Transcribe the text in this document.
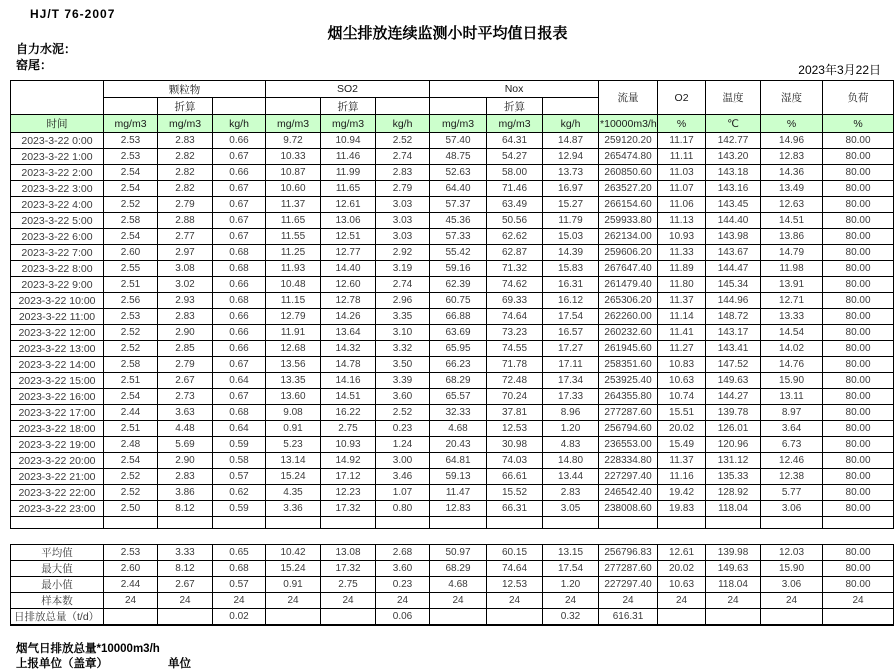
HJ/T 76-2007
烟尘排放连续监测小时平均值日报表
自力水泥：
窑尾：	2023年3月22日
	颗粒物			SO2			Nox			流量	O2	温度	湿度	负荷
		折算			折算			折算						
时间	mg/m3	mg/m3	kg/h	mg/m3	mg/m3	kg/h	mg/m3	mg/m3	kg/h	*10000m3/h	%	℃	%	%
2023-3-22 0:00	2.53	2.83	0.66	9.72	10.94	2.52	57.40	64.31	14.87	259120.20	11.17	142.77	14.96	80.00
2023-3-22 1:00	2.53	2.82	0.67	10.33	11.46	2.74	48.75	54.27	12.94	265474.80	11.11	143.20	12.83	80.00
2023-3-22 2:00	2.54	2.82	0.66	10.87	11.99	2.83	52.63	58.00	13.73	260850.60	11.03	143.18	14.36	80.00
2023-3-22 3:00	2.54	2.82	0.67	10.60	11.65	2.79	64.40	71.46	16.97	263527.20	11.07	143.16	13.49	80.00
2023-3-22 4:00	2.52	2.79	0.67	11.37	12.61	3.03	57.37	63.49	15.27	266154.60	11.06	143.45	12.63	80.00
2023-3-22 5:00	2.58	2.88	0.67	11.65	13.06	3.03	45.36	50.56	11.79	259933.80	11.13	144.40	14.51	80.00
2023-3-22 6:00	2.54	2.77	0.67	11.55	12.51	3.03	57.33	62.62	15.03	262134.00	10.93	143.98	13.86	80.00
2023-3-22 7:00	2.60	2.97	0.68	11.25	12.77	2.92	55.42	62.87	14.39	259606.20	11.33	143.67	14.79	80.00
2023-3-22 8:00	2.55	3.08	0.68	11.93	14.40	3.19	59.16	71.32	15.83	267647.40	11.89	144.47	11.98	80.00
2023-3-22 9:00	2.51	3.02	0.66	10.48	12.60	2.74	62.39	74.62	16.31	261479.40	11.80	145.34	13.91	80.00
2023-3-22 10:00	2.56	2.93	0.68	11.15	12.78	2.96	60.75	69.33	16.12	265306.20	11.37	144.96	12.71	80.00
2023-3-22 11:00	2.53	2.83	0.66	12.79	14.26	3.35	66.88	74.64	17.54	262260.00	11.14	148.72	13.33	80.00
2023-3-22 12:00	2.52	2.90	0.66	11.91	13.64	3.10	63.69	73.23	16.57	260232.60	11.41	143.17	14.54	80.00
2023-3-22 13:00	2.52	2.85	0.66	12.68	14.32	3.32	65.95	74.55	17.27	261945.60	11.27	143.41	14.02	80.00
2023-3-22 14:00	2.58	2.79	0.67	13.56	14.78	3.50	66.23	71.78	17.11	258351.60	10.83	147.52	14.76	80.00
2023-3-22 15:00	2.51	2.67	0.64	13.35	14.16	3.39	68.29	72.48	17.34	253925.40	10.63	149.63	15.90	80.00
2023-3-22 16:00	2.54	2.73	0.67	13.60	14.51	3.60	65.57	70.24	17.33	264355.80	10.74	144.27	13.11	80.00
2023-3-22 17:00	2.44	3.63	0.68	9.08	16.22	2.52	32.33	37.81	8.96	277287.60	15.51	139.78	8.97	80.00
2023-3-22 18:00	2.51	4.48	0.64	0.91	2.75	0.23	4.68	12.53	1.20	256794.60	20.02	126.01	3.64	80.00
2023-3-22 19:00	2.48	5.69	0.59	5.23	10.93	1.24	20.43	30.98	4.83	236553.00	15.49	120.96	6.73	80.00
2023-3-22 20:00	2.54	2.90	0.58	13.14	14.92	3.00	64.81	74.03	14.80	228334.80	11.37	131.12	12.46	80.00
2023-3-22 21:00	2.52	2.83	0.57	15.24	17.12	3.46	59.13	66.61	13.44	227297.40	11.16	135.33	12.38	80.00
2023-3-22 22:00	2.52	3.86	0.62	4.35	12.23	1.07	11.47	15.52	2.83	246542.40	19.42	128.92	5.77	80.00
2023-3-22 23:00	2.50	8.12	0.59	3.36	17.32	0.80	12.83	66.31	3.05	238008.60	19.83	118.04	3.06	80.00

平均值	2.53	3.33	0.65	10.42	13.08	2.68	50.97	60.15	13.15	256796.83	12.61	139.98	12.03	80.00
最大值	2.60	8.12	0.68	15.24	17.32	3.60	68.29	74.64	17.54	277287.60	20.02	149.63	15.90	80.00
最小值	2.44	2.67	0.57	0.91	2.75	0.23	4.68	12.53	1.20	227297.40	10.63	118.04	3.06	80.00
样本数	24	24	24	24	24	24	24	24	24	24	24	24	24	24
日排放总量（t/d）			0.02			0.06			0.32	616.31				
烟气日排放总量*10000m3/h
上报单位（盖章）	单位
